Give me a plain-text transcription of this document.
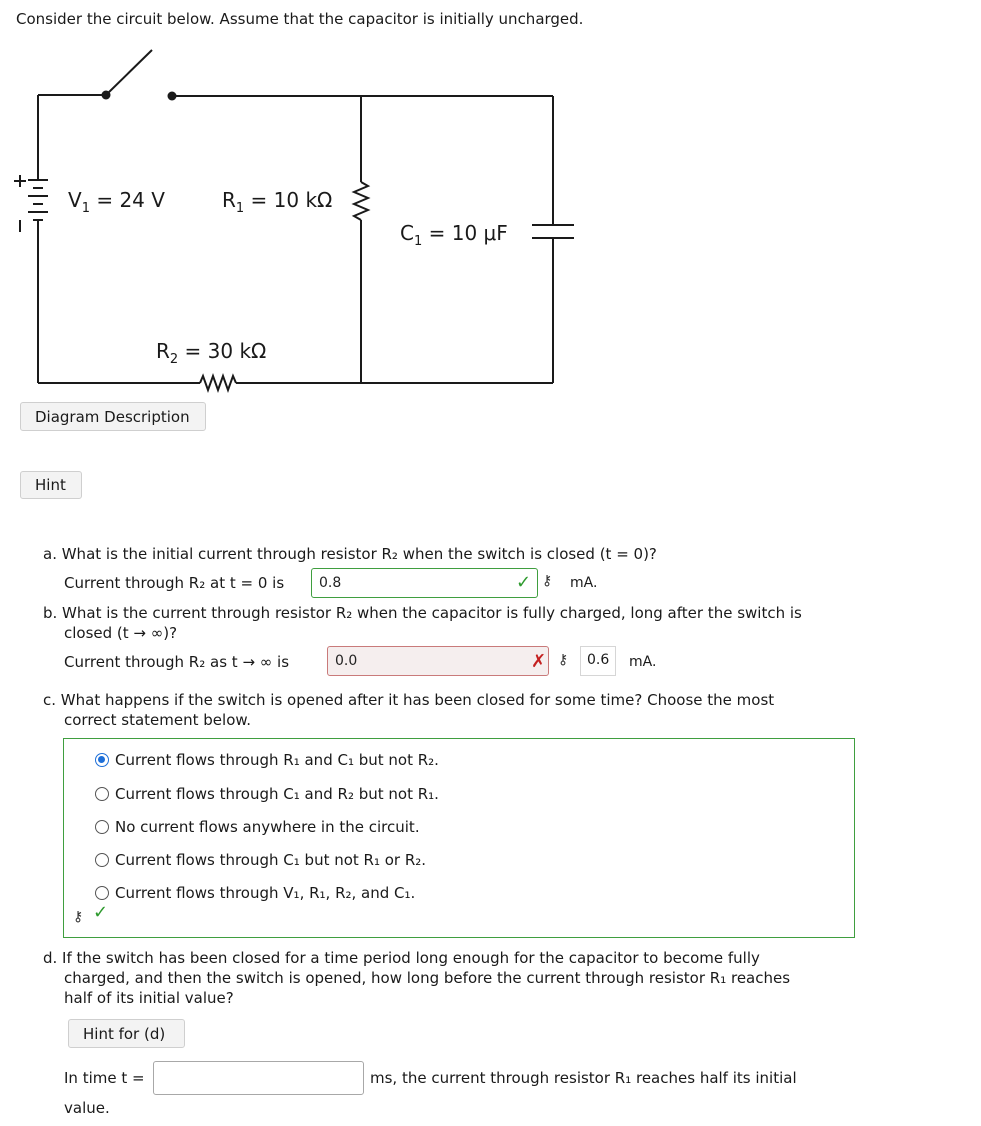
Consider the circuit below. Assume that the capacitor is initially uncharged.
$V_1 = 24$ V	$R_1 = 10$ kΩ
$C_1 = 10$ μF
$R_2 = 30$ kΩ
Diagram Description
Hint
a. What is the initial current through resistor R₂ when the switch is closed (t = 0)?
Current through R₂ at t = 0 is
0.8	✓ ⚷ mA.
b. What is the current through resistor R₂ when the capacitor is fully charged, long after the switch is
closed (t → ∞)?
Current through R₂ as t → ∞ is
0.0	✗ ⚷	0.6	mA.
c. What happens if the switch is opened after it has been closed for some time? Choose the most
correct statement below.
Current flows through R₁ and C₁ but not R₂.
Current flows through C₁ and R₂ but not R₁.
No current flows anywhere in the circuit.
Current flows through C₁ but not R₁ or R₂.
Current flows through V₁, R₁, R₂, and C₁.
⚷ ✓
d. If the switch has been closed for a time period long enough for the capacitor to become fully
charged, and then the switch is opened, how long before the current through resistor R₁ reaches
half of its initial value?
Hint for (d)
In time t =	ms, the current through resistor R₁ reaches half its initial
value.
